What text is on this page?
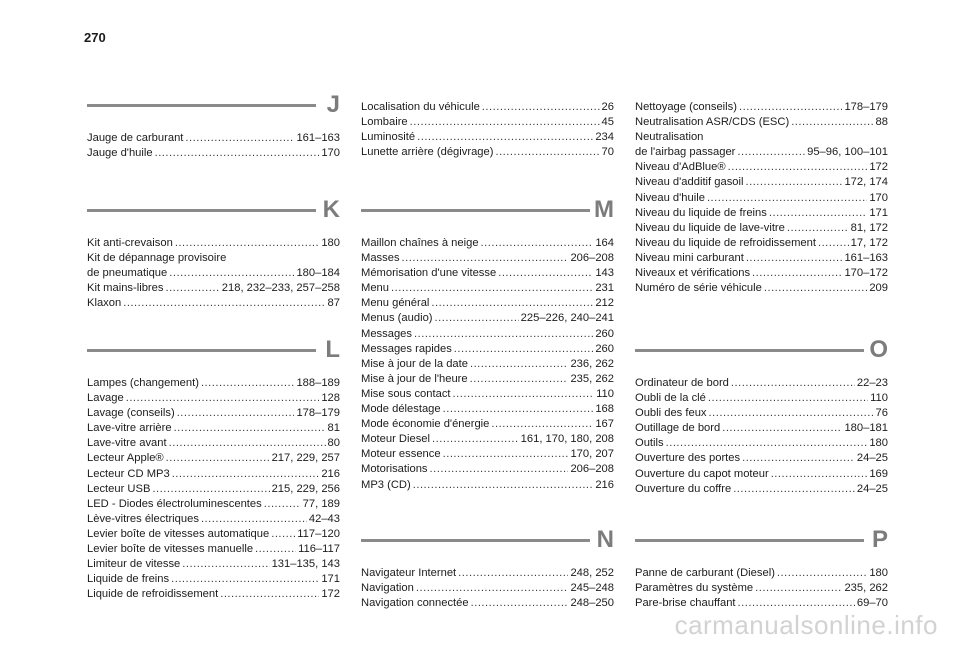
270
J
Jauge de carburant .....	161–163
Jauge d'huile .....	170
K
Kit anti-crevaison .....	180
Kit de dépannage provisoire
de pneumatique .....	180–184
Kit mains-libres .....	218, 232–233, 257–258
Klaxon .....	87
L
Lampes (changement) .....	188–189
Lavage .....	128
Lavage (conseils) .....	178–179
Lave-vitre arrière .....	81
Lave-vitre avant .....	80
Lecteur Apple® .....	217, 229, 257
Lecteur CD MP3 .....	216
Lecteur USB .....	215, 229, 256
LED - Diodes électroluminescentes .....	77, 189
Lève-vitres électriques .....	42–43
Levier boîte de vitesses automatique .....	117–120
Levier boîte de vitesses manuelle .....	116–117
Limiteur de vitesse .....	131–135, 143
Liquide de freins .....	171
Liquide de refroidissement .....	172
Localisation du véhicule .....	26
Lombaire .....	45
Luminosité .....	234
Lunette arrière (dégivrage) .....	70
M
Maillon chaînes à neige .....	164
Masses .....	206–208
Mémorisation d'une vitesse .....	143
Menu .....	231
Menu général .....	212
Menus (audio) .....	225–226, 240–241
Messages .....	260
Messages rapides .....	260
Mise à jour de la date .....	236, 262
Mise à jour de l'heure .....	235, 262
Mise sous contact .....	110
Mode délestage .....	168
Mode économie d'énergie .....	167
Moteur Diesel .....	161, 170, 180, 208
Moteur essence .....	170, 207
Motorisations .....	206–208
MP3 (CD) .....	216
N
Navigateur Internet .....	248, 252
Navigation .....	245–248
Navigation connectée .....	248–250
Nettoyage (conseils) .....	178–179
Neutralisation ASR/CDS (ESC) .....	88
Neutralisation
de l'airbag passager .....	95–96, 100–101
Niveau d'AdBlue® .....	172
Niveau d'additif gasoil .....	172, 174
Niveau d'huile .....	170
Niveau du liquide de freins .....	171
Niveau du liquide de lave-vitre .....	81, 172
Niveau du liquide de refroidissement .....	17, 172
Niveau mini carburant .....	161–163
Niveaux et vérifications .....	170–172
Numéro de série véhicule .....	209
O
Ordinateur de bord .....	22–23
Oubli de la clé .....	110
Oubli des feux .....	76
Outillage de bord .....	180–181
Outils .....	180
Ouverture des portes .....	24–25
Ouverture du capot moteur .....	169
Ouverture du coffre .....	24–25
P
Panne de carburant (Diesel) .....	180
Paramètres du système .....	235, 262
Pare-brise chauffant .....	69–70
carmanualsonline.info
